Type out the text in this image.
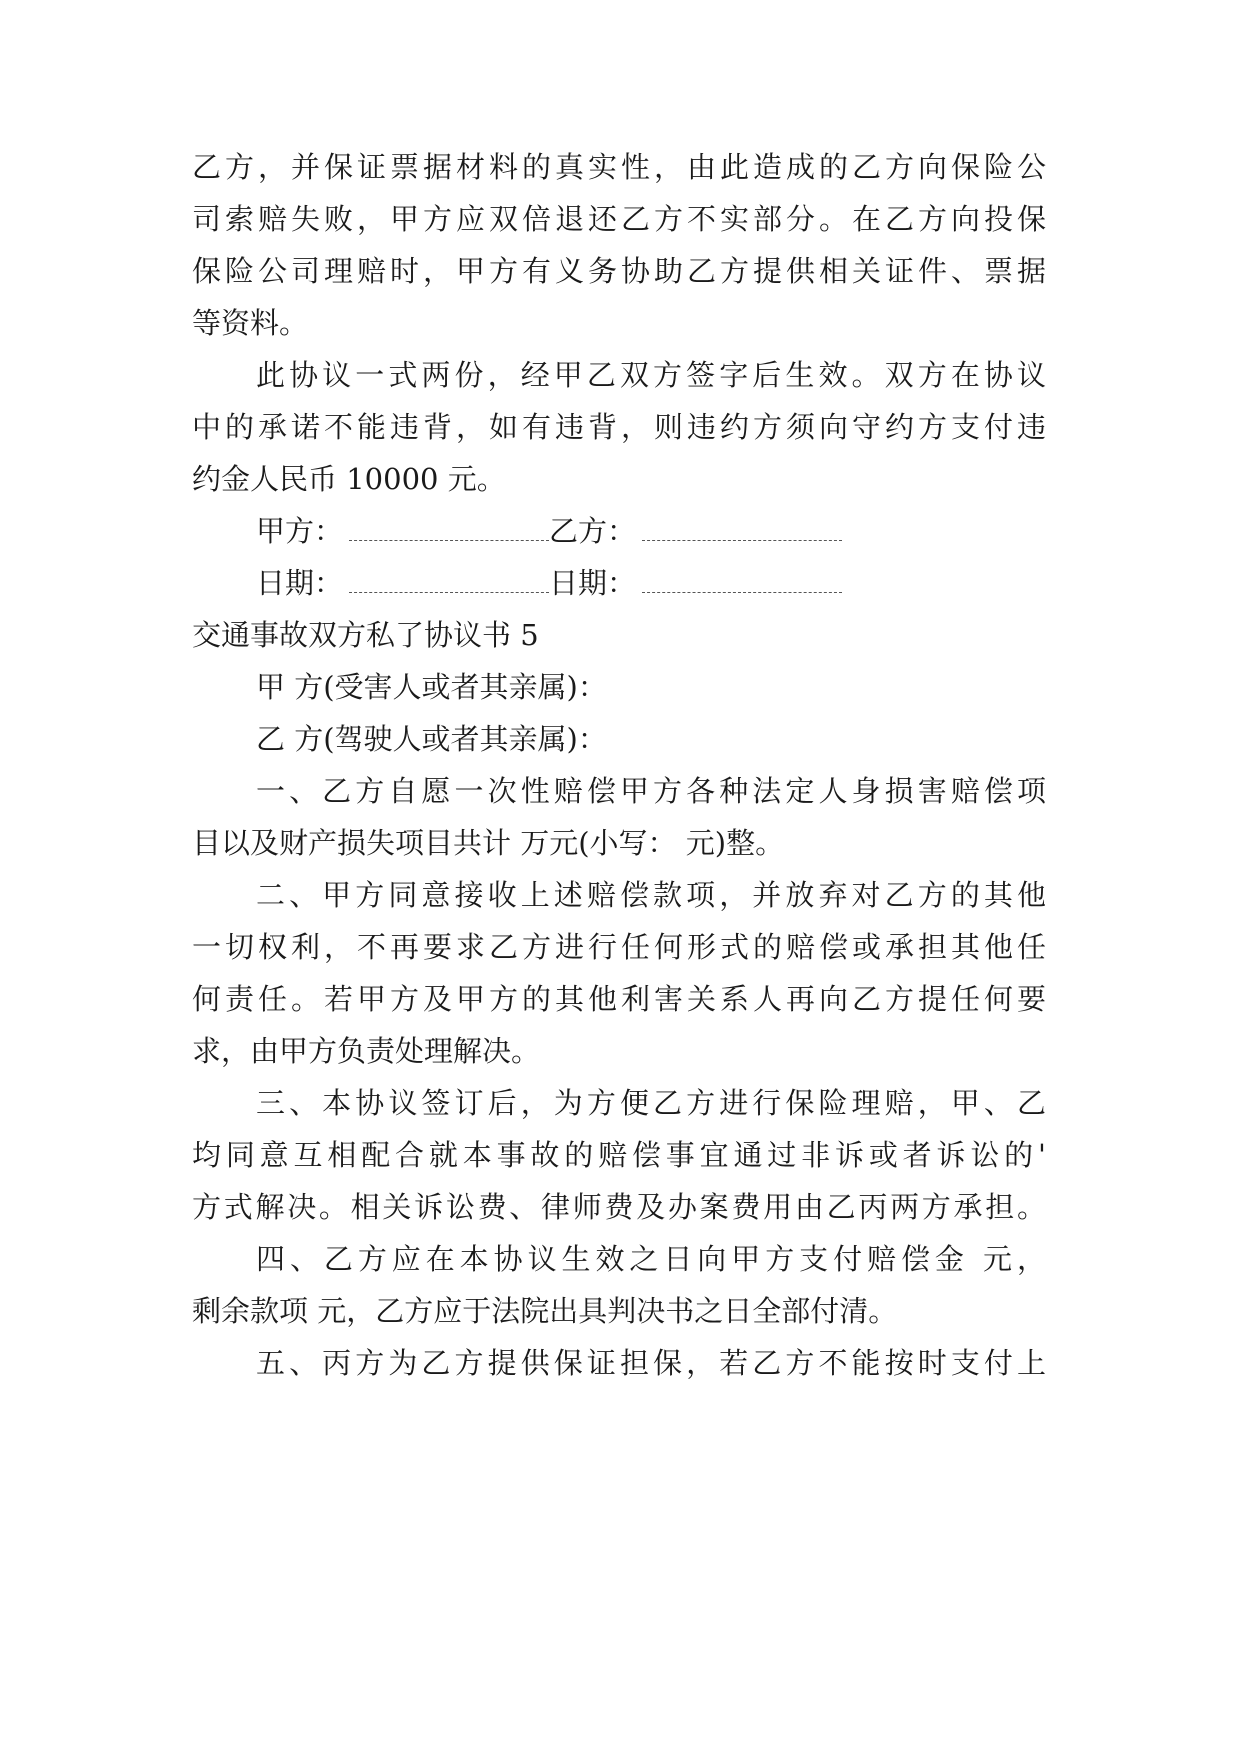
乙方，并保证票据材料的真实性，由此造成的乙方向保险公
司索赔失败，甲方应双倍退还乙方不实部分。在乙方向投保
保险公司理赔时，甲方有义务协助乙方提供相关证件、票据
等资料。
此协议一式两份，经甲乙双方签字后生效。双方在协议
中的承诺不能违背，如有违背，则违约方须向守约方支付违
约金人民币 10000 元。
甲方：	乙方：
日期：	日期：
交通事故双方私了协议书 5
甲 方(受害人或者其亲属)：
乙 方(驾驶人或者其亲属)：
一、乙方自愿一次性赔偿甲方各种法定人身损害赔偿项
目以及财产损失项目共计 万元(小写： 元)整。
二、甲方同意接收上述赔偿款项，并放弃对乙方的其他
一切权利，不再要求乙方进行任何形式的赔偿或承担其他任
何责任。若甲方及甲方的其他利害关系人再向乙方提任何要
求，由甲方负责处理解决。
三、本协议签订后，为方便乙方进行保险理赔，甲、乙
均同意互相配合就本事故的赔偿事宜通过非诉或者诉讼的'
方式解决。相关诉讼费、律师费及办案费用由乙丙两方承担。
四、乙方应在本协议生效之日向甲方支付赔偿金 元，
剩余款项 元，乙方应于法院出具判决书之日全部付清。
五、丙方为乙方提供保证担保，若乙方不能按时支付上
